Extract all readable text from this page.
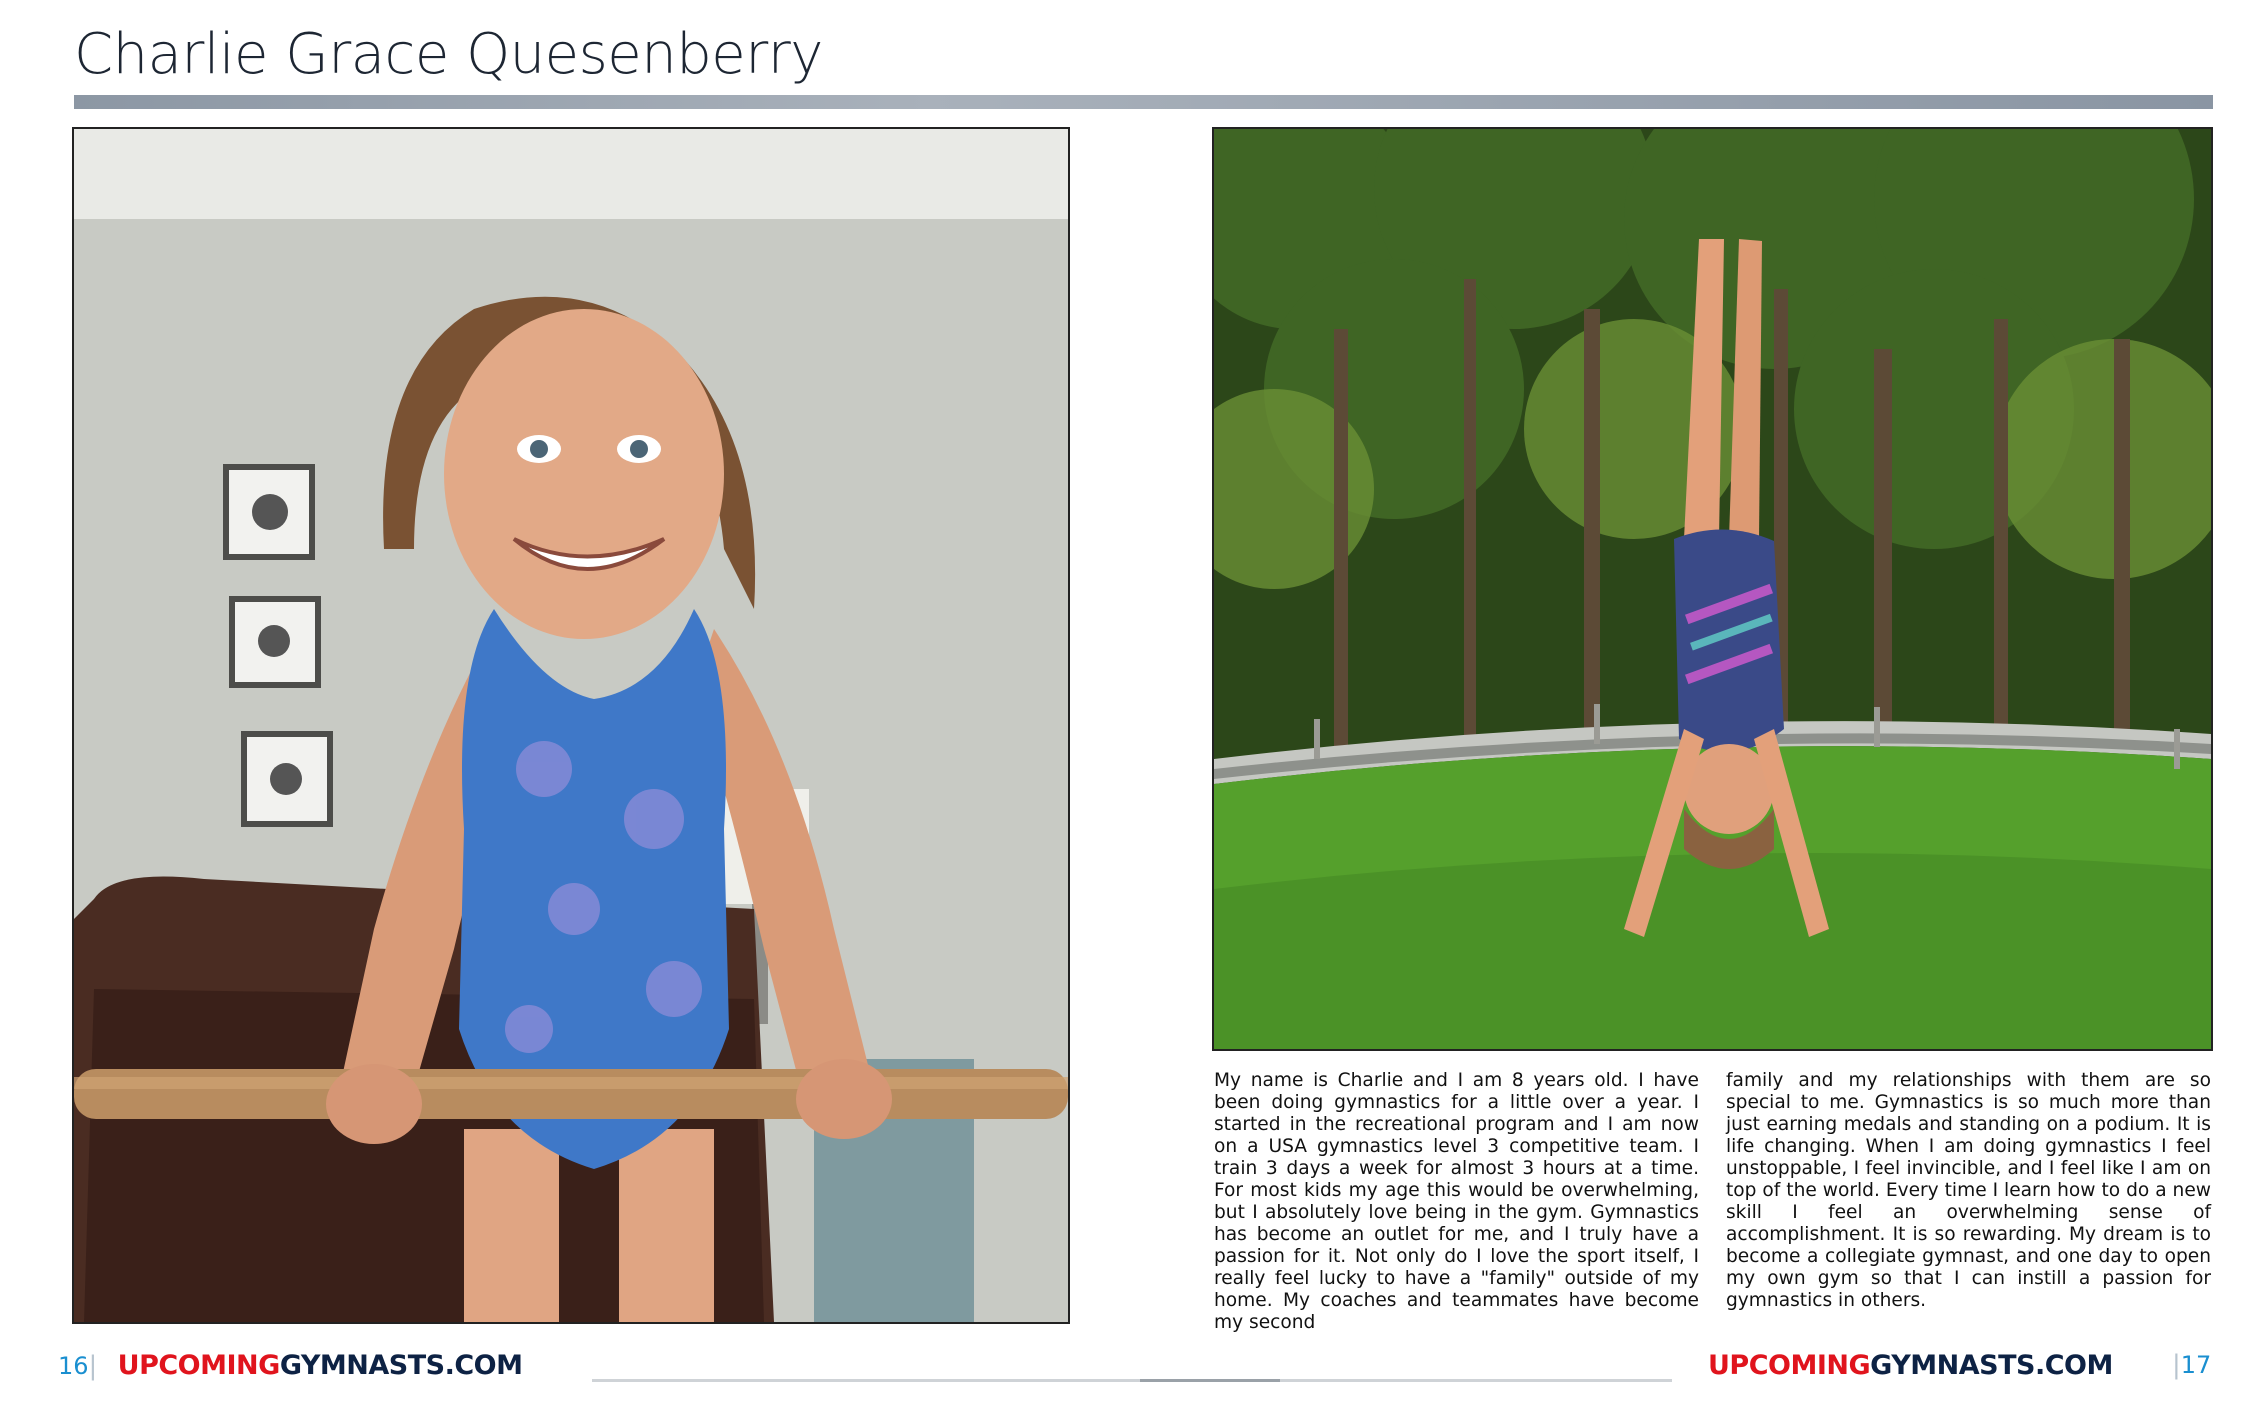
Charlie Grace Quesenberry
My name is Charlie and I am 8 years old. I have been doing gymnastics for a little over a year. I started in the recreational program and I am now on a USA gymnastics level 3 competitive team. I train 3 days a week for almost 3 hours at a time. For most kids my age this would be overwhelming, but I absolutely love being in the gym. Gymnastics has become an outlet for me, and I truly have a passion for it. Not only do I love the sport itself, I really feel lucky to have a "family" outside of my home. My coaches and teammates have become my second
family and my relationships with them are so special to me. Gymnastics is so much more than just earning medals and standing on a podium. It is life changing. When I am doing gymnastics I feel unstoppable, I feel invincible, and I feel like I am on top of the world. Every time I learn how to do a new skill I feel an overwhelming sense of accomplishment. It is so rewarding. My dream is to become a collegiate gymnast, and one day to open my own gym so that I can instill a passion for gymnastics in others.
16| UPCOMINGGYMNASTS.COM	UPCOMINGGYMNASTS.COM |17
